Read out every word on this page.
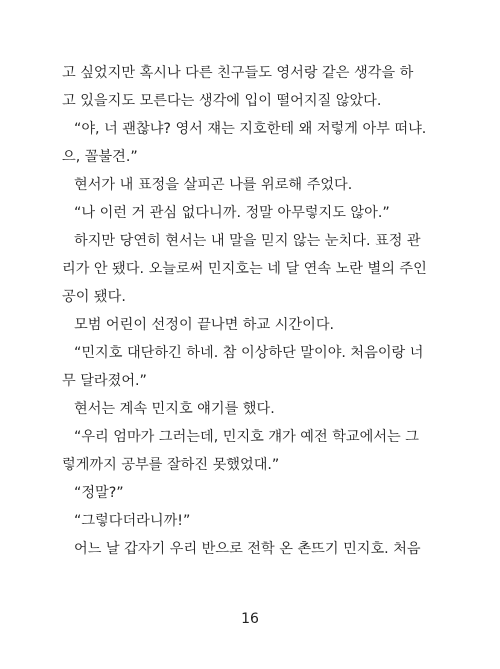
고 싶었지만 혹시나 다른 친구들도 영서랑 같은 생각을 하
고 있을지도 모른다는 생각에 입이 떨어지질 않았다.
“야, 너 괜찮냐? 영서 쟤는 지호한테 왜 저렇게 아부 떠냐.
으, 꼴불견.”
현서가 내 표정을 살피곤 나를 위로해 주었다.
“나 이런 거 관심 없다니까. 정말 아무렇지도 않아.”
하지만 당연히 현서는 내 말을 믿지 않는 눈치다. 표정 관
리가 안 됐다. 오늘로써 민지호는 네 달 연속 노란 별의 주인
공이 됐다.
모범 어린이 선정이 끝나면 하교 시간이다.
“민지호 대단하긴 하네. 참 이상하단 말이야. 처음이랑 너
무 달라졌어.”
현서는 계속 민지호 얘기를 했다.
“우리 엄마가 그러는데, 민지호 걔가 예전 학교에서는 그
렇게까지 공부를 잘하진 못했었대.”
“정말?”
“그렇다더라니까!”
어느 날 갑자기 우리 반으로 전학 온 촌뜨기 민지호. 처음
16
